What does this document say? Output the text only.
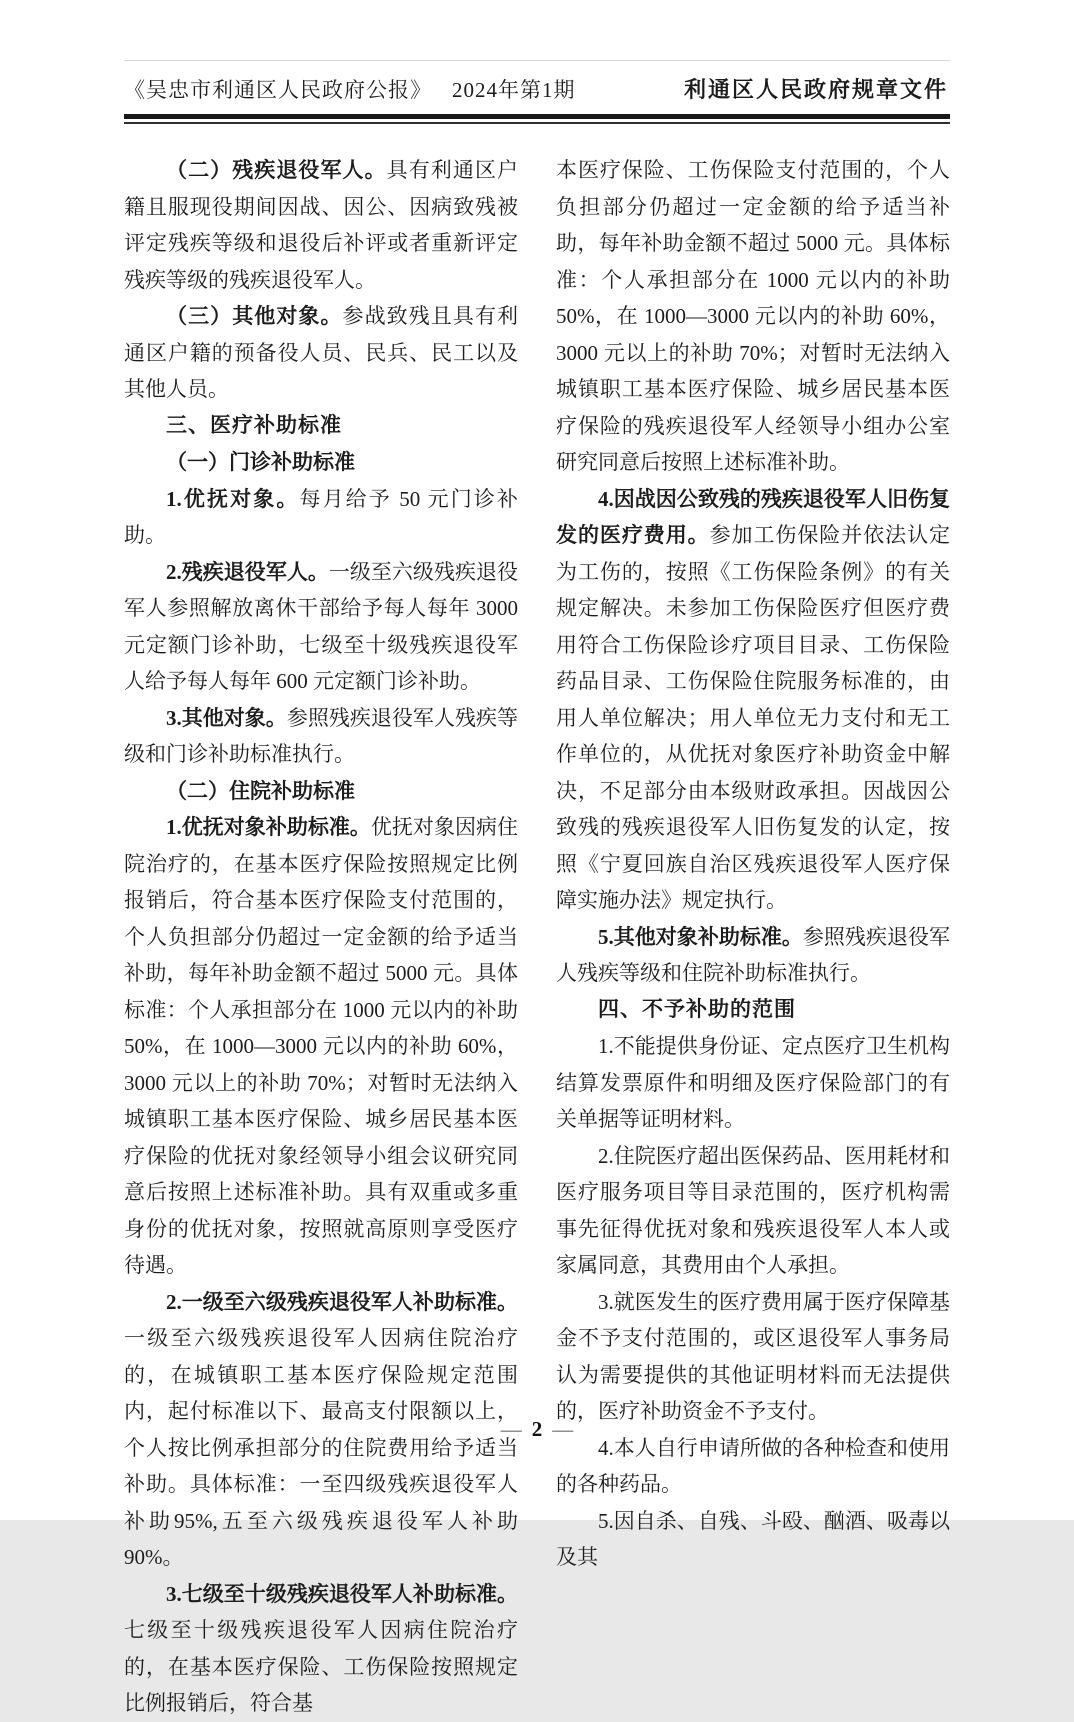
《吴忠市利通区人民政府公报》 2024年第1期	利通区人民政府规章文件

（二）残疾退役军人。具有利通区户籍且服现役期间因战、因公、因病致残被评定残疾等级和退役后补评或者重新评定残疾等级的残疾退役军人。

（三）其他对象。参战致残且具有利通区户籍的预备役人员、民兵、民工以及其他人员。

三、医疗补助标准

（一）门诊补助标准

1.优抚对象。每月给予 50 元门诊补助。

2.残疾退役军人。一级至六级残疾退役军人参照解放离休干部给予每人每年 3000 元定额门诊补助，七级至十级残疾退役军人给予每人每年 600 元定额门诊补助。

3.其他对象。参照残疾退役军人残疾等级和门诊补助标准执行。

（二）住院补助标准

1.优抚对象补助标准。优抚对象因病住院治疗的，在基本医疗保险按照规定比例报销后，符合基本医疗保险支付范围的，个人负担部分仍超过一定金额的给予适当补助，每年补助金额不超过 5000 元。具体标准：个人承担部分在 1000 元以内的补助 50%，在 1000—3000 元以内的补助 60%，3000 元以上的补助 70%；对暂时无法纳入城镇职工基本医疗保险、城乡居民基本医疗保险的优抚对象经领导小组会议研究同意后按照上述标准补助。具有双重或多重身份的优抚对象，按照就高原则享受医疗待遇。

2.一级至六级残疾退役军人补助标准。一级至六级残疾退役军人因病住院治疗的，在城镇职工基本医疗保险规定范围内，起付标准以下、最高支付限额以上，个人按比例承担部分的住院费用给予适当补助。具体标准：一至四级残疾退役军人补助95%,五至六级残疾退役军人补助90%。

3.七级至十级残疾退役军人补助标准。七级至十级残疾退役军人因病住院治疗的，在基本医疗保险、工伤保险按照规定比例报销后，符合基

本医疗保险、工伤保险支付范围的，个人负担部分仍超过一定金额的给予适当补助，每年补助金额不超过 5000 元。具体标准：个人承担部分在 1000 元以内的补助 50%，在 1000—3000 元以内的补助 60%，3000 元以上的补助 70%；对暂时无法纳入城镇职工基本医疗保险、城乡居民基本医疗保险的残疾退役军人经领导小组办公室研究同意后按照上述标准补助。

4.因战因公致残的残疾退役军人旧伤复发的医疗费用。参加工伤保险并依法认定为工伤的，按照《工伤保险条例》的有关规定解决。未参加工伤保险医疗但医疗费用符合工伤保险诊疗项目目录、工伤保险药品目录、工伤保险住院服务标准的，由用人单位解决；用人单位无力支付和无工作单位的，从优抚对象医疗补助资金中解决，不足部分由本级财政承担。因战因公致残的残疾退役军人旧伤复发的认定，按照《宁夏回族自治区残疾退役军人医疗保障实施办法》规定执行。

5.其他对象补助标准。参照残疾退役军人残疾等级和住院补助标准执行。

四、不予补助的范围

1.不能提供身份证、定点医疗卫生机构结算发票原件和明细及医疗保险部门的有关单据等证明材料。

2.住院医疗超出医保药品、医用耗材和医疗服务项目等目录范围的，医疗机构需事先征得优抚对象和残疾退役军人本人或家属同意，其费用由个人承担。

3.就医发生的医疗费用属于医疗保障基金不予支付范围的，或区退役军人事务局认为需要提供的其他证明材料而无法提供的，医疗补助资金不予支付。

4.本人自行申请所做的各种检查和使用的各种药品。

5.因自杀、自残、斗殴、酗酒、吸毒以及其

— 2 —
